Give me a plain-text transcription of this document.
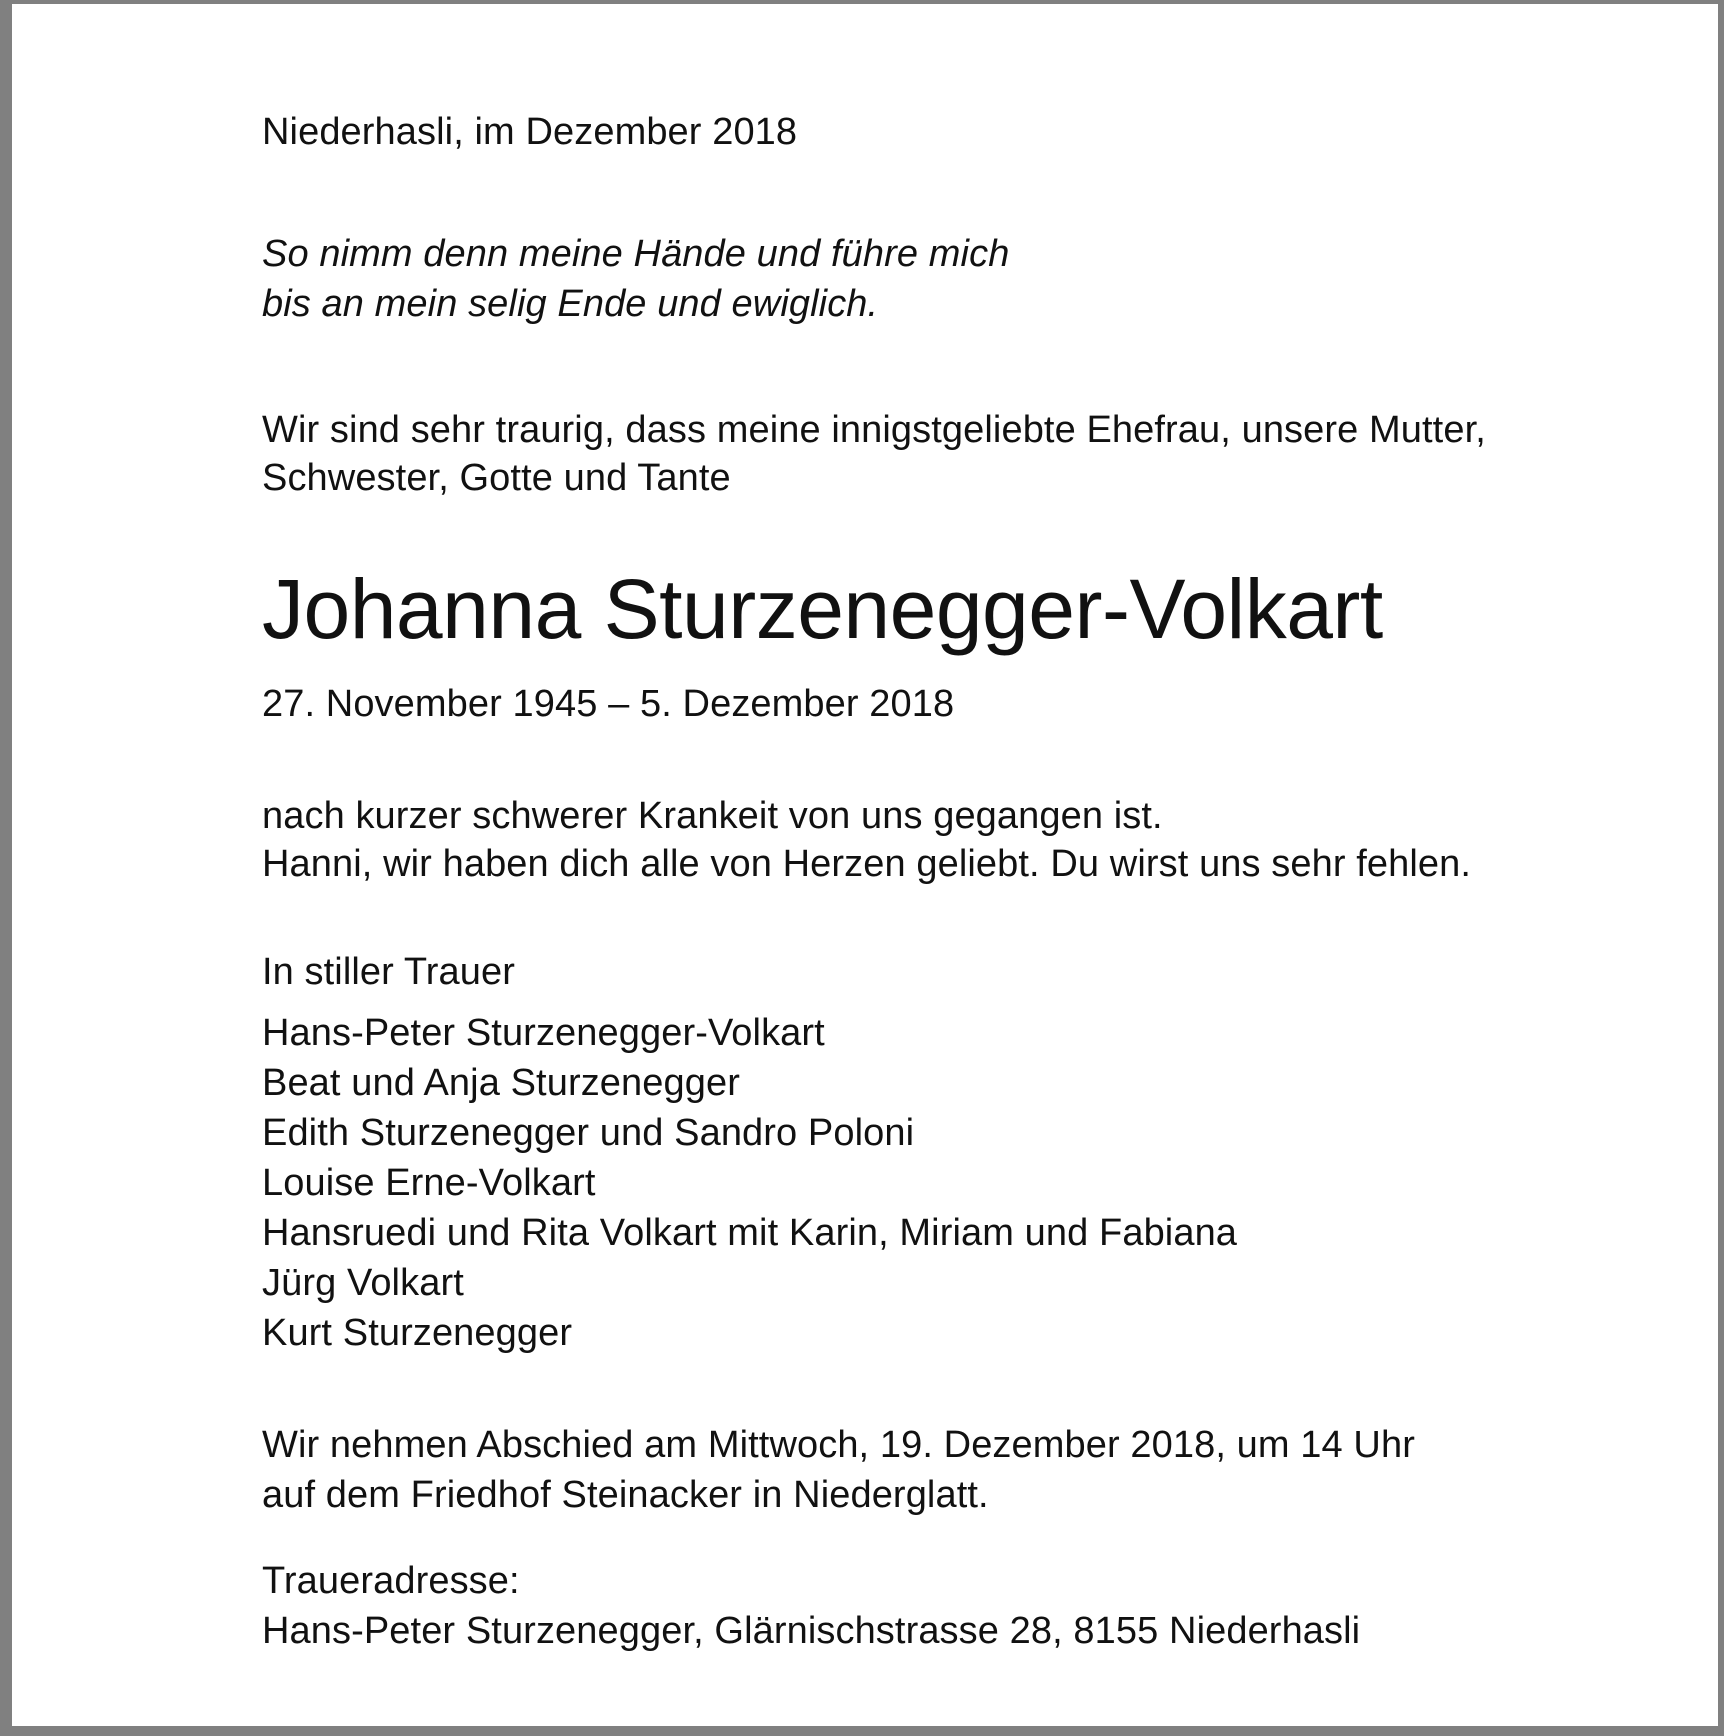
Niederhasli, im Dezember 2018
So nimm denn meine Hände und führe mich
bis an mein selig Ende und ewiglich.
Wir sind sehr traurig, dass meine innigstgeliebte Ehefrau, unsere Mutter,
Schwester, Gotte und Tante
Johanna Sturzenegger-Volkart
27. November 1945 – 5. Dezember 2018
nach kurzer schwerer Krankeit von uns gegangen ist.
Hanni, wir haben dich alle von Herzen geliebt. Du wirst uns sehr fehlen.
In stiller Trauer
Hans-Peter Sturzenegger-Volkart
Beat und Anja Sturzenegger
Edith Sturzenegger und Sandro Poloni
Louise Erne-Volkart
Hansruedi und Rita Volkart mit Karin, Miriam und Fabiana
Jürg Volkart
Kurt Sturzenegger
Wir nehmen Abschied am Mittwoch, 19. Dezember 2018, um 14 Uhr
auf dem Friedhof Steinacker in Niederglatt.
Traueradresse:
Hans-Peter Sturzenegger, Glärnischstrasse 28, 8155 Niederhasli
